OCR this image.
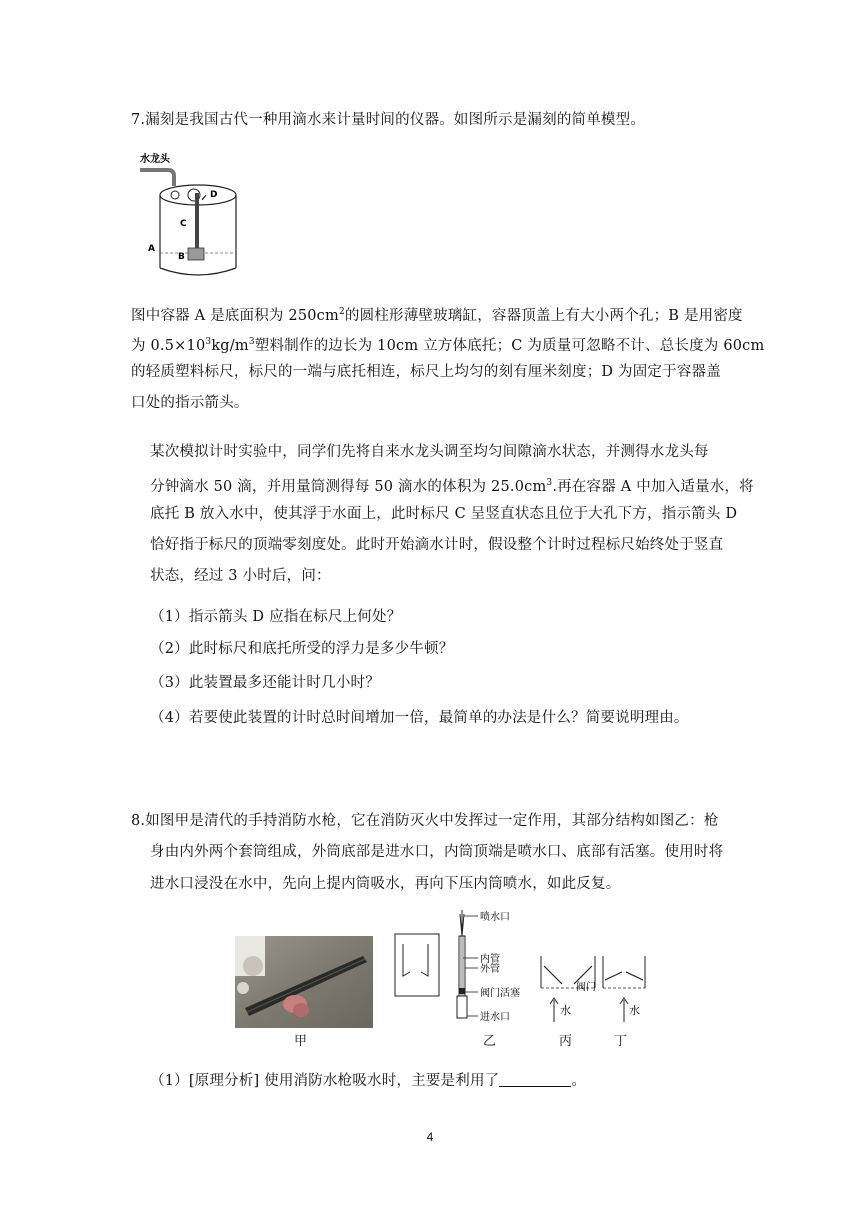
7.漏刻是我国古代一种用滴水来计量时间的仪器。如图所示是漏刻的简单模型。
水龙头
D
C
A
B
图中容器 A 是底面积为 $250cm^2$的圆柱形薄壁玻璃缸，容器顶盖上有大小两个孔；B 是用密度
为 $0.5\times 10^3kg/m^3$塑料制作的边长为 10cm 立方体底托；C 为质量可忽略不计、总长度为 60cm
的轻质塑料标尺，标尺的一端与底托相连，标尺上均匀的刻有厘米刻度；D 为固定于容器盖
口处的指示箭头。
某次模拟计时实验中，同学们先将自来水龙头调至均匀间隙滴水状态，并测得水龙头每
分钟滴水 50 滴，并用量筒测得每 50 滴水的体积为 $25.0cm^3$.再在容器 A 中加入适量水，将
底托 B 放入水中，使其浮于水面上，此时标尺 C 呈竖直状态且位于大孔下方，指示箭头 D
恰好指于标尺的顶端零刻度处。此时开始滴水计时，假设整个计时过程标尺始终处于竖直
状态，经过 3 小时后，问：
（1）指示箭头 D 应指在标尺上何处？
（2）此时标尺和底托所受的浮力是多少牛顿？
（3）此装置最多还能计时几小时？
（4）若要使此装置的计时总时间增加一倍，最简单的办法是什么？简要说明理由。
8.如图甲是清代的手持消防水枪，它在消防灭火中发挥过一定作用，其部分结构如图乙：枪
身由内外两个套筒组成，外筒底部是进水口，内筒顶端是喷水口、底部有活塞。使用时将
进水口浸没在水中，先向上提内筒吸水，再向下压内筒喷水，如此反复。
甲
喷水口
内管
外管
阀门活塞
进水口
乙
阀门
水
丙
水
丁
（1）[原理分析] 使用消防水枪吸水时，主要是利用了	。
4
